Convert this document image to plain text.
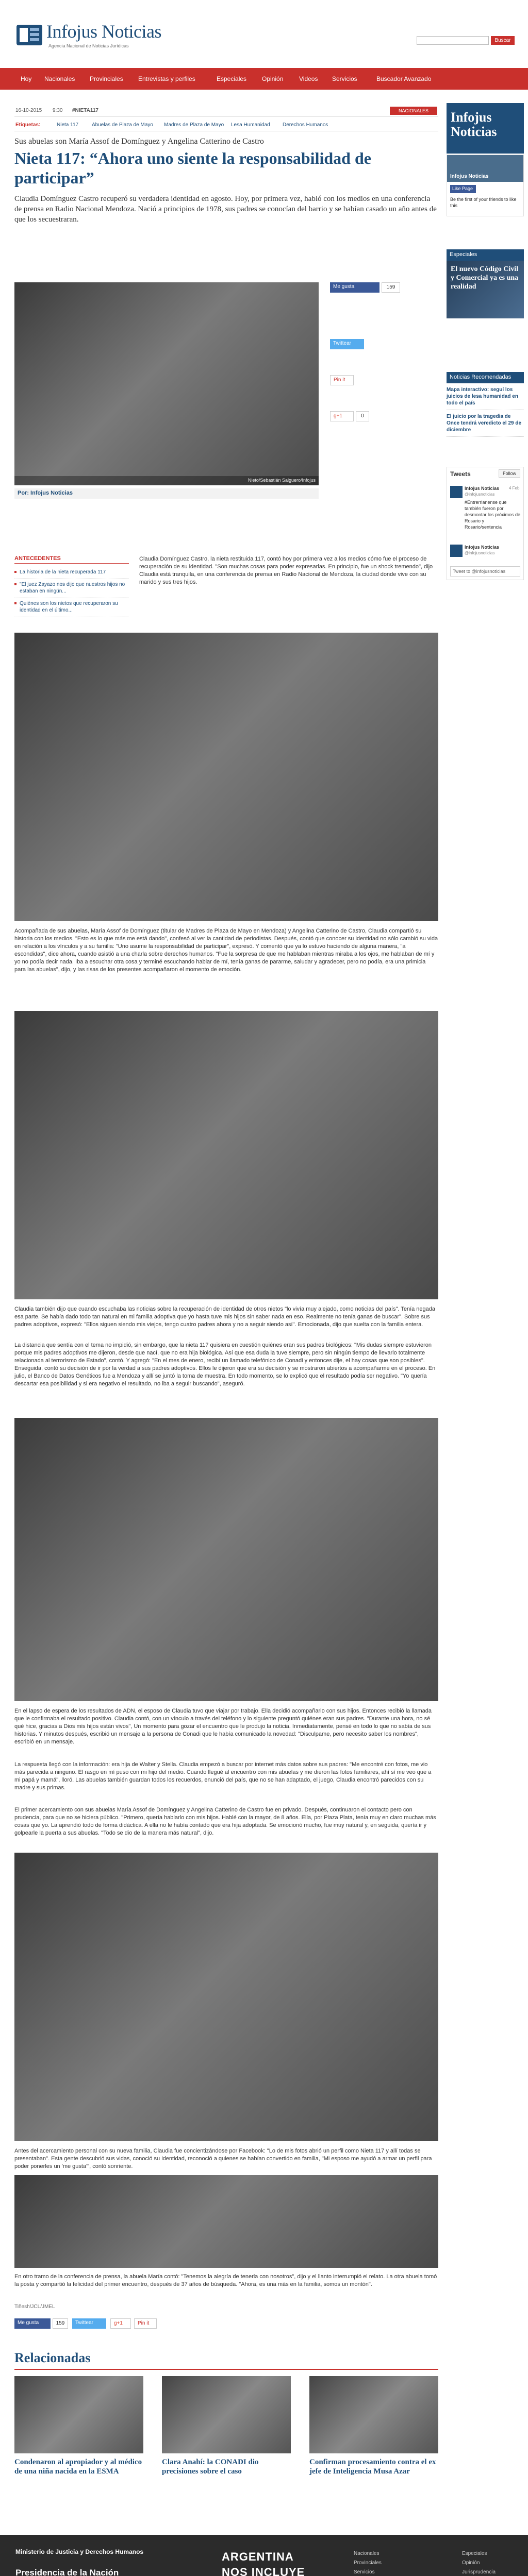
Infojus Noticias
Agencia Nacional de Noticias Jurídicas
Buscar
Hoy Nacionales Provinciales Entrevistas y perfiles	Especiales Opinión	Videos Servicios	Buscador Avanzado
16-10-2015 9:30 #NIETA117	NACIONALES
Etiquetas:	Nieta 117	Abuelas de Plaza de Mayo Madres de Plaza de Mayo Lesa Humanidad Derechos Humanos
Sus abuelas son María Assof de Domínguez y Angelina Catterino de Castro
Nieta 117: “Ahora uno siente la responsabilidad de participar”
Claudia Domínguez Castro recuperó su verdadera identidad en agosto. Hoy, por primera vez, habló con los medios en una conferencia de prensa en Radio Nacional Mendoza. Nació a principios de 1978, sus padres se conocían del barrio y se habían casado un año antes de que los secuestraran.
Nieto/Sebastián Salguero/Infojus
Por: Infojus Noticias
Me gusta	159
Twittear
Pin it
g+1	0
ANTECEDENTES
La historia de la nieta recuperada 117
"El juez Zayazo nos dijo que nuestros hijos no estaban en ningún...
Quiénes son los nietos que recuperaron su identidad en el último...
Claudia Domínguez Castro, la nieta restituida 117, contó hoy por primera vez a los medios cómo fue el proceso de recuperación de su identidad. "Son muchas cosas para poder expresarlas. En principio, fue un shock tremendo", dijo Claudia está tranquila, en una conferencia de prensa en Radio Nacional de Mendoza, la ciudad donde vive con su marido y sus tres hijos.
Acompañada de sus abuelas, María Assof de Domínguez (titular de Madres de Plaza de Mayo en Mendoza) y Angelina Catterino de Castro, Claudia compartió su historia con los medios. "Esto es lo que más me está dando", confesó al ver la cantidad de periodistas. Después, contó que conocer su identidad no sólo cambió su vida en relación a los vínculos y a su familia: "Uno asume la responsabilidad de participar", expresó. Y comentó que ya lo estuvo haciendo de alguna manera, "a escondidas", dice ahora, cuando asistió a una charla sobre derechos humanos. "Fue la sorpresa de que me hablaban mientras miraba a los ojos, me hablaban de mí y yo no podía decir nada. Iba a escuchar otra cosa y terminé escuchando hablar de mí, tenía ganas de pararme, saludar y agradecer, pero no podía, era una primicia para las abuelas", dijo, y las risas de los presentes acompañaron el momento de emoción.
Claudia también dijo que cuando escuchaba las noticias sobre la recuperación de identidad de otros nietos "lo vivía muy alejado, como noticias del país". Tenía negada esa parte. Se había dado todo tan natural en mi familia adoptiva que yo hasta tuve mis hijos sin saber nada en eso. Realmente no tenía ganas de buscar". Sobre sus padres adoptivos, expresó: "Ellos siguen siendo mis viejos, tengo cuatro padres ahora y no a seguir siendo así". Emocionada, dijo que suelta con la familia entera.
La distancia que sentía con el tema no impidió, sin embargo, que la nieta 117 quisiera en cuestión quiénes eran sus padres biológicos: "Mis dudas siempre estuvieron porque mis padres adoptivos me dijeron, desde que nací, que no era hija biológica. Así que esa duda la tuve siempre, pero sin ningún tiempo de llevarlo totalmente relacionada al terrorismo de Estado", contó. Y agregó: "En el mes de enero, recibí un llamado telefónico de Conadi y entonces dije, el hay cosas que son posibles". Enseguida, contó su decisión de ir por la verdad a sus padres adoptivos. Ellos le dijeron que era su decisión y se mostraron abiertos a acompañarme en el proceso. En julio, el Banco de Datos Genéticos fue a Mendoza y allí se juntó la toma de muestra. En todo momento, se lo explicó que el resultado podía ser negativo. "Yo quería descartar esa posibilidad y si era negativo el resultado, no iba a seguir buscando", aseguró.
En el lapso de espera de los resultados de ADN, el esposo de Claudia tuvo que viajar por trabajo. Ella decidió acompañarlo con sus hijos. Entonces recibió la llamada que le confirmaba el resultado positivo. Claudia contó, con un vínculo a través del teléfono y lo siguiente preguntó quiénes eran sus padres. "Durante una hora, no sé qué hice, gracias a Dios mis hijos están vivos", Un momento para gozar el encuentro que le produjo la noticia. Inmediatamente, pensé en todo lo que no sabía de sus historias. Y minutos después, escribió un mensaje a la persona de Conadi que le había comunicado la novedad: "Disculpame, pero necesito saber los nombres", escribió en un mensaje.
La respuesta llegó con la información: era hija de Walter y Stella. Claudia empezó a buscar por internet más datos sobre sus padres: "Me encontré con fotos, me vio más parecida a ninguno. El rasgo en mí puso con mi hijo del medio. Cuando llegué al encuentro con mis abuelas y me dieron las fotos familiares, ahí sí me veo que a mi papá y mamá", lloró. Las abuelas también guardan todos los recuerdos, enunció del país, que no se han adaptado, el juego, Claudia encontró parecidos con su madre y sus primas.
El primer acercamiento con sus abuelas María Assof de Domínguez y Angelina Catterino de Castro fue en privado. Después, continuaron el contacto pero con prudencia, para que no se hiciera público. "Primero, quería hablarlo con mis hijos. Hablé con la mayor, de 8 años. Ella, por Plaza Plata, tenía muy en claro muchas más cosas que yo. La aprendió todo de forma didáctica. A ella no le había contado que era hija adoptada. Se emocionó mucho, fue muy natural y, en seguida, quería ir y golpearle la puerta a sus abuelas. "Todo se dio de la manera más natural", dijo.
Antes del acercamiento personal con su nueva familia, Claudia fue concientizándose por Facebook: "Lo de mis fotos abrió un perfil como Nieta 117 y allí todas se presentaban". Esta gente descubrió sus vidas, conoció su identidad, reconoció a quienes se habían convertido en familia, "Mi esposo me ayudó a armar un perfil para poder ponerles un 'me gusta'", contó sonriente.
En otro tramo de la conferencia de prensa, la abuela María contó: "Tenemos la alegría de tenerla con nosotros", dijo y el llanto interrumpió el relato. La otra abuela tomó la posta y compartió la felicidad del primer encuentro, después de 37 años de búsqueda. "Ahora, es una más en la familia, somos un montón".
Tiñesh/JCL/JMEL
Me gusta	159	Twittear	g+1	Pin it
Relacionadas
Condenaron al apropiador y al médico de una niña nacida en la ESMA
Clara Anahí: la CONADI dio precisiones sobre el caso
Confirman procesamiento contra el ex jefe de Inteligencia Musa Azar
Infojus Noticias
Infojus Noticias
Like Page
Be the first of your friends to like this
Especiales
El nuevo Código Civil y Comercial ya es una realidad
Noticias Recomendadas
Mapa interactivo: seguí los juicios de lesa humanidad en todo el país
El juicio por la tragedia de Once tendrá veredicto el 29 de diciembre
Tweets	Follow
Infojus Noticias
@infojusnoticias
4 Feb
#Entrerrianense que también fueron por desmontar los próximos de Rosario y Rosario/sentencia
Infojus Noticias
@infojusnoticias
Tweet to @infojusnoticias
Ministerio de Justicia y Derechos Humanos
Presidencia de la Nación
ARGENTINA
NOS INCLUYE
Nacionales
Provinciales
Servicios
Especiales
Opinión
Jurisprudencia
